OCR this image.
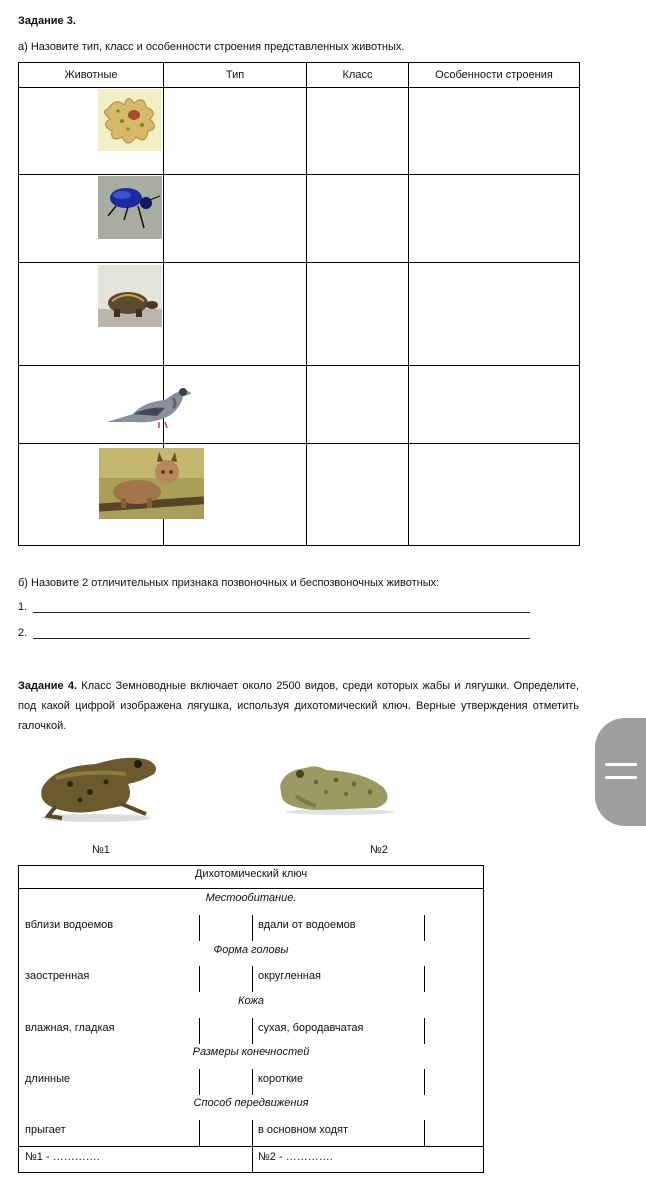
Задание 3.
а) Назовите тип, класс и особенности строения представленных животных.
Животные	Тип	Класс	Особенности строения

б) Назовите 2 отличительных признака позвоночных и беспозвоночных животных:
1.
2.
Задание 4. Класс Земноводные включает около 2500 видов, среди которых жабы и лягушки. Определите, под какой цифрой изображена лягушка, используя дихотомический ключ. Верные утверждения отметить галочкой.
№1	№2
Дихотомический ключ
Местообитание.
вблизи водоемов	вдали от водоемов
Форма головы
заостренная	округленная
Кожа
влажная, гладкая	сухая, бородавчатая
Размеры конечностей
длинные	короткие
Способ передвижения
прыгает	в основном ходят
№1 - ………….	№2 - ………….
